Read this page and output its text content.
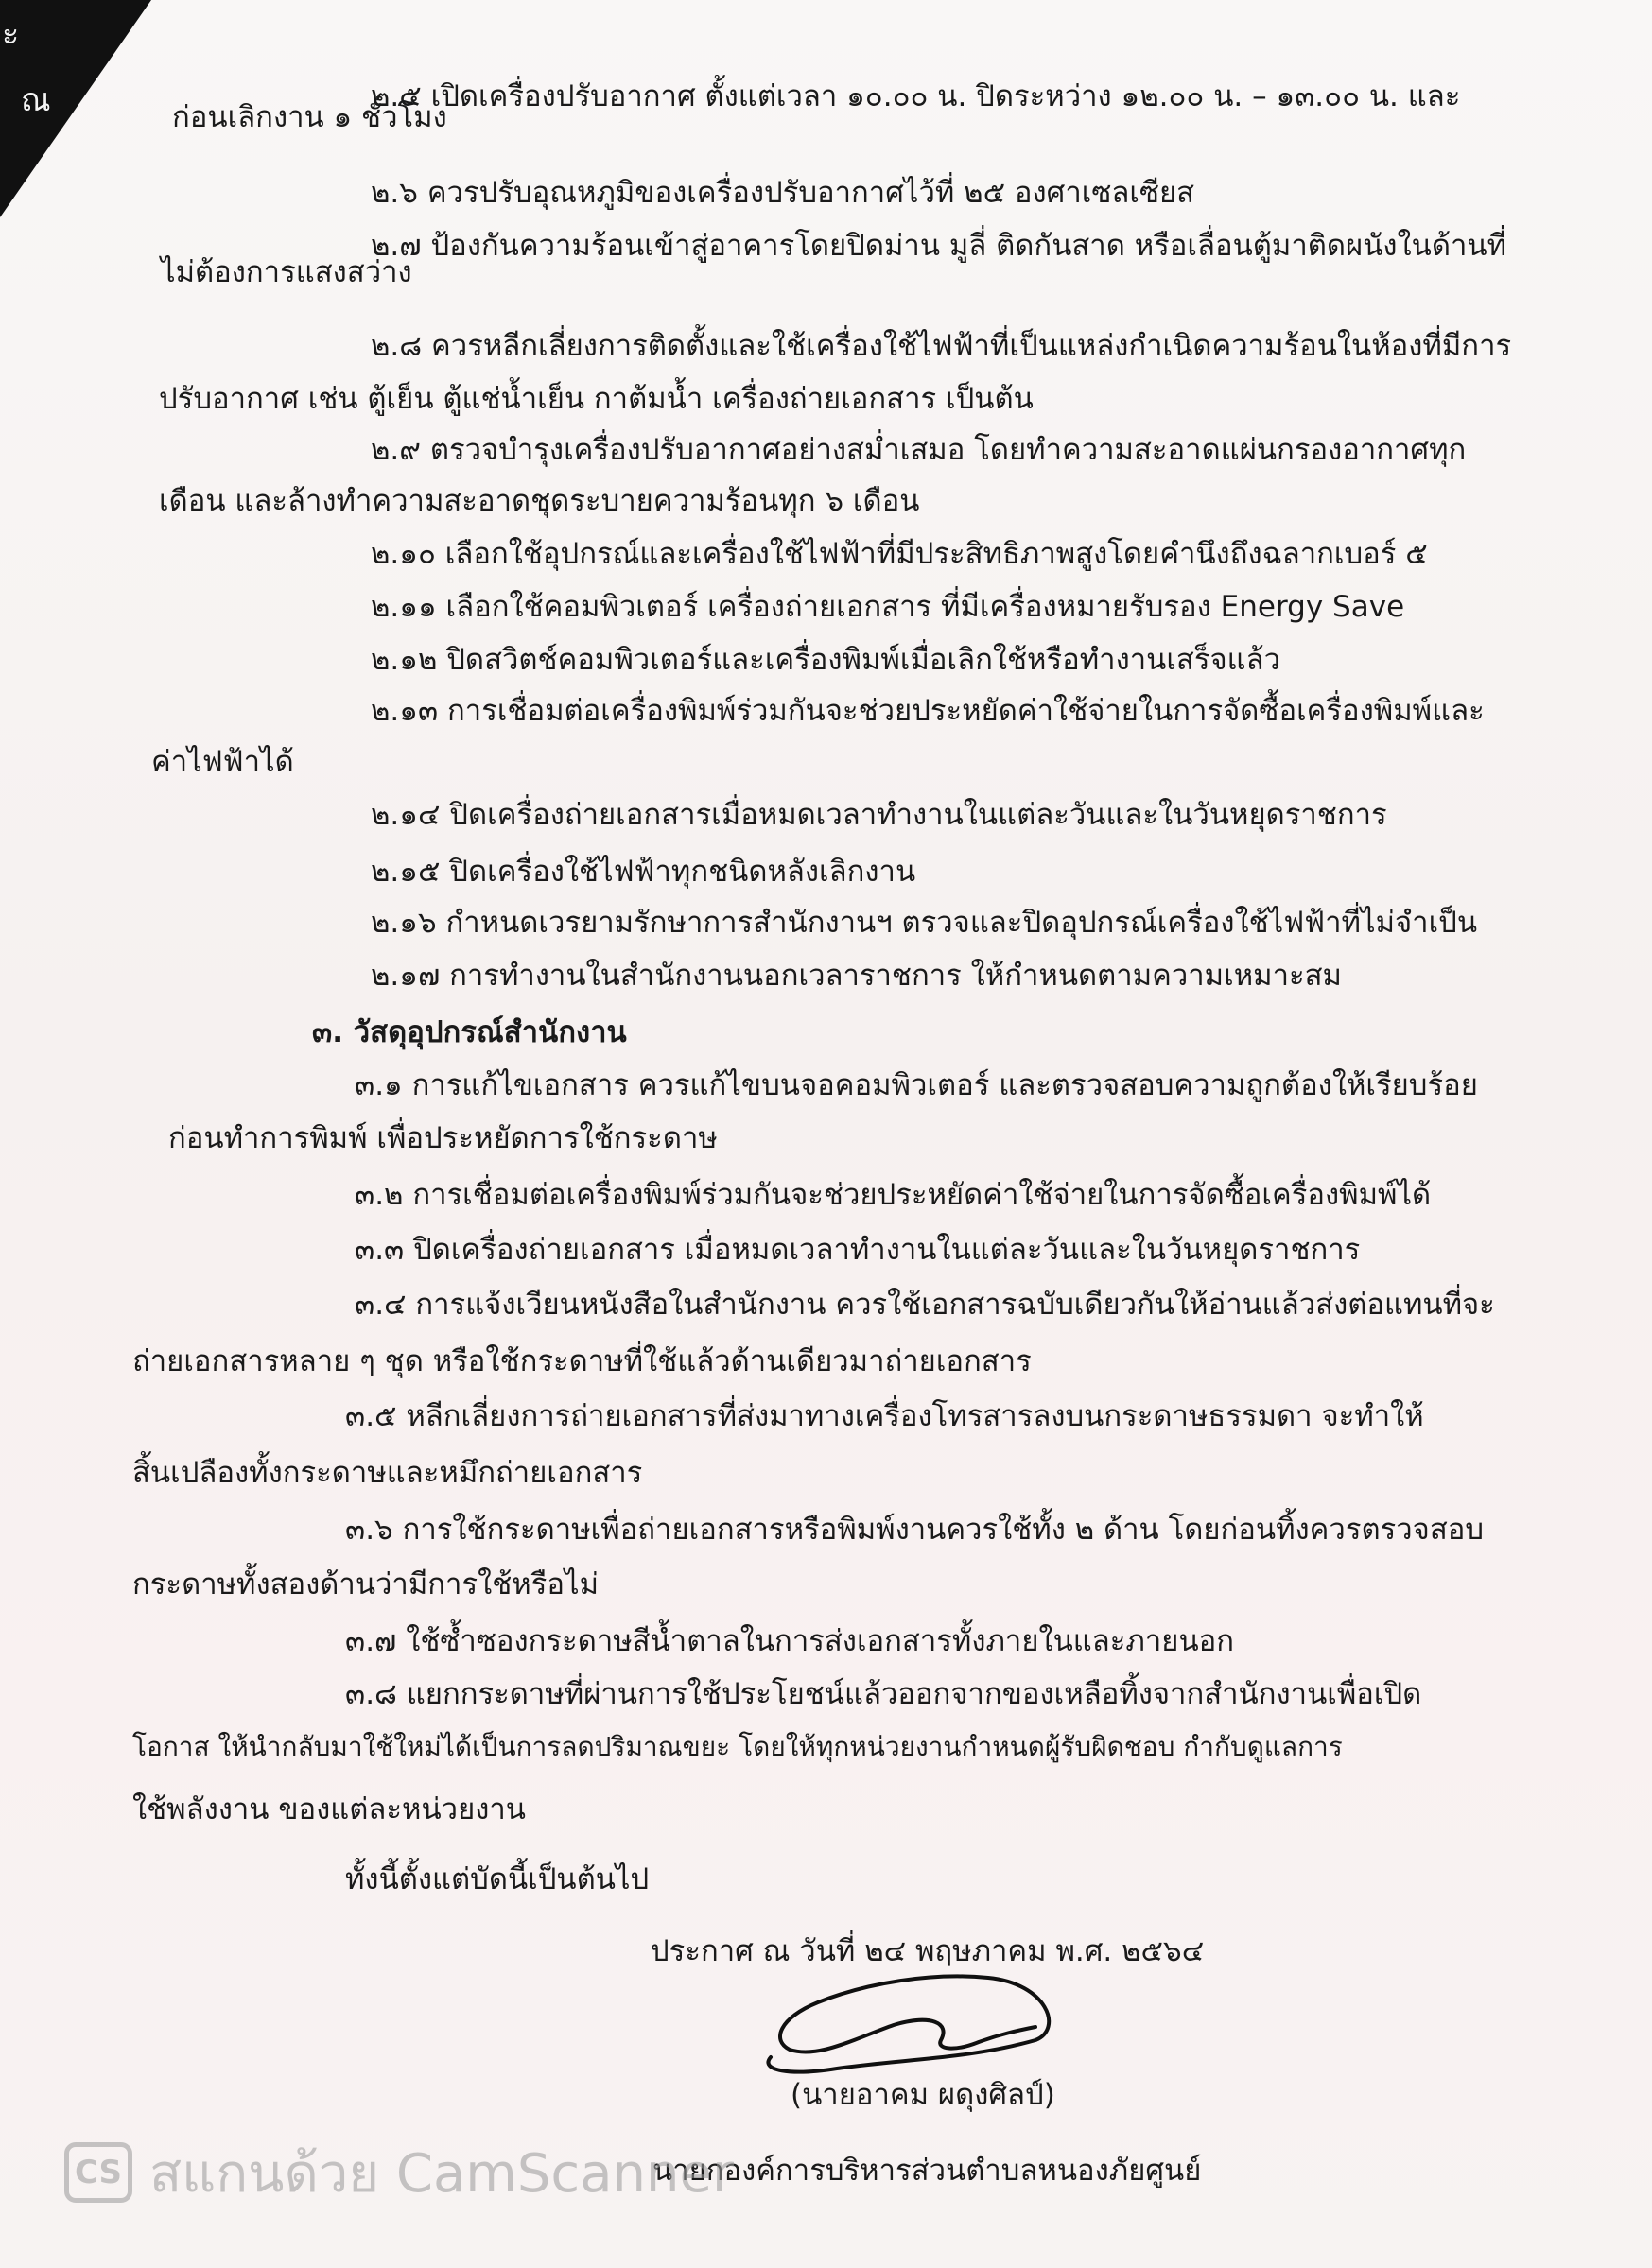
ะ
ณ	๒.๕ เปิดเครื่องปรับอากาศ ตั้งแต่เวลา ๑๐.๐๐ น. ปิดระหว่าง ๑๒.๐๐ น. – ๑๓.๐๐ น. และ
ก่อนเลิกงาน ๑ ชั่วโมง
๒.๖ ควรปรับอุณหภูมิของเครื่องปรับอากาศไว้ที่ ๒๕ องศาเซลเซียส
๒.๗ ป้องกันความร้อนเข้าสู่อาคารโดยปิดม่าน มูลี่ ติดกันสาด หรือเลื่อนตู้มาติดผนังในด้านที่
ไม่ต้องการแสงสว่าง
๒.๘ ควรหลีกเลี่ยงการติดตั้งและใช้เครื่องใช้ไฟฟ้าที่เป็นแหล่งกำเนิดความร้อนในห้องที่มีการ
ปรับอากาศ เช่น ตู้เย็น ตู้แช่น้ำเย็น กาต้มน้ำ เครื่องถ่ายเอกสาร เป็นต้น
๒.๙ ตรวจบำรุงเครื่องปรับอากาศอย่างสม่ำเสมอ โดยทำความสะอาดแผ่นกรองอากาศทุก
เดือน และล้างทำความสะอาดชุดระบายความร้อนทุก ๖ เดือน
๒.๑๐ เลือกใช้อุปกรณ์และเครื่องใช้ไฟฟ้าที่มีประสิทธิภาพสูงโดยคำนึงถึงฉลากเบอร์ ๕
๒.๑๑ เลือกใช้คอมพิวเตอร์ เครื่องถ่ายเอกสาร ที่มีเครื่องหมายรับรอง Energy Save
๒.๑๒ ปิดสวิตช์คอมพิวเตอร์และเครื่องพิมพ์เมื่อเลิกใช้หรือทำงานเสร็จแล้ว
๒.๑๓ การเชื่อมต่อเครื่องพิมพ์ร่วมกันจะช่วยประหยัดค่าใช้จ่ายในการจัดซื้อเครื่องพิมพ์และ
ค่าไฟฟ้าได้
๒.๑๔ ปิดเครื่องถ่ายเอกสารเมื่อหมดเวลาทำงานในแต่ละวันและในวันหยุดราชการ
๒.๑๕ ปิดเครื่องใช้ไฟฟ้าทุกชนิดหลังเลิกงาน
๒.๑๖ กำหนดเวรยามรักษาการสำนักงานฯ ตรวจและปิดอุปกรณ์เครื่องใช้ไฟฟ้าที่ไม่จำเป็น
๒.๑๗ การทำงานในสำนักงานนอกเวลาราชการ ให้กำหนดตามความเหมาะสม
๓. วัสดุอุปกรณ์สำนักงาน
๓.๑ การแก้ไขเอกสาร ควรแก้ไขบนจอคอมพิวเตอร์ และตรวจสอบความถูกต้องให้เรียบร้อย
ก่อนทำการพิมพ์ เพื่อประหยัดการใช้กระดาษ
๓.๒ การเชื่อมต่อเครื่องพิมพ์ร่วมกันจะช่วยประหยัดค่าใช้จ่ายในการจัดซื้อเครื่องพิมพ์ได้
๓.๓ ปิดเครื่องถ่ายเอกสาร เมื่อหมดเวลาทำงานในแต่ละวันและในวันหยุดราชการ
๓.๔ การแจ้งเวียนหนังสือในสำนักงาน ควรใช้เอกสารฉบับเดียวกันให้อ่านแล้วส่งต่อแทนที่จะ
ถ่ายเอกสารหลาย ๆ ชุด หรือใช้กระดาษที่ใช้แล้วด้านเดียวมาถ่ายเอกสาร
๓.๕ หลีกเลี่ยงการถ่ายเอกสารที่ส่งมาทางเครื่องโทรสารลงบนกระดาษธรรมดา จะทำให้
สิ้นเปลืองทั้งกระดาษและหมึกถ่ายเอกสาร
๓.๖ การใช้กระดาษเพื่อถ่ายเอกสารหรือพิมพ์งานควรใช้ทั้ง ๒ ด้าน โดยก่อนทิ้งควรตรวจสอบ
กระดาษทั้งสองด้านว่ามีการใช้หรือไม่
๓.๗ ใช้ซ้ำซองกระดาษสีน้ำตาลในการส่งเอกสารทั้งภายในและภายนอก
๓.๘ แยกกระดาษที่ผ่านการใช้ประโยชน์แล้วออกจากของเหลือทิ้งจากสำนักงานเพื่อเปิด
โอกาส ให้นำกลับมาใช้ใหม่ได้เป็นการลดปริมาณขยะ โดยให้ทุกหน่วยงานกำหนดผู้รับผิดชอบ กำกับดูแลการ
ใช้พลังงาน ของแต่ละหน่วยงาน
ทั้งนี้ตั้งแต่บัดนี้เป็นต้นไป
ประกาศ ณ วันที่ ๒๔ พฤษภาคม พ.ศ. ๒๕๖๔
(นายอาคม ผดุงศิลป์)
นายกองค์การบริหารส่วนตำบลหนองภัยศูนย์
CS สแกนด้วย CamScanner
